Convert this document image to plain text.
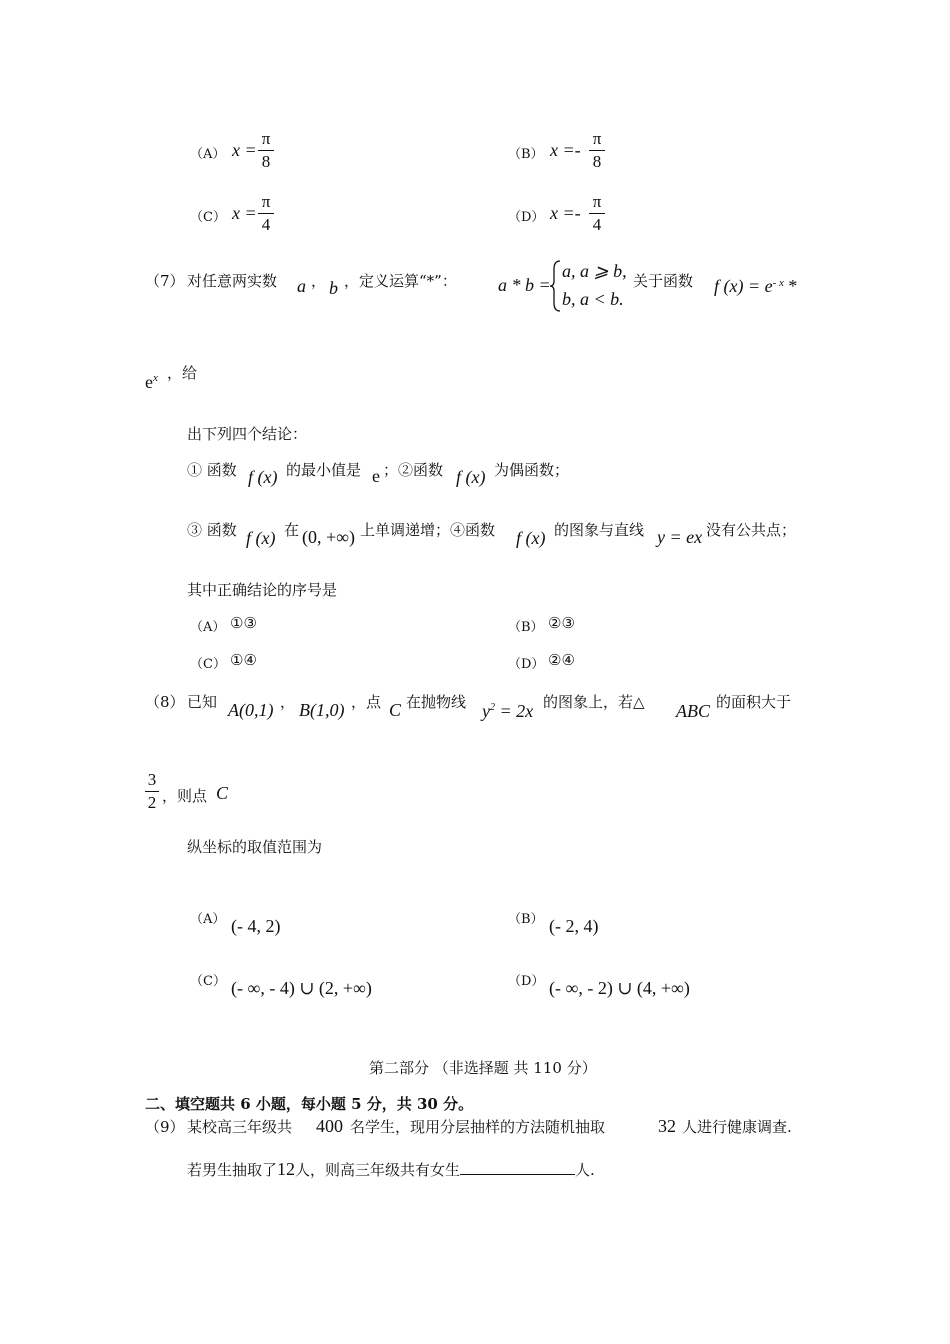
（A） x =
π
8	（B） x =-
π
8
（C） x =
π
4	（D） x =-
π
4
（7） 对任意两实数 a ， b ，定义运算“*”： a * b =
a, a ⩾ b,
b, a < b.
关于函数 f $(x) = e^{- x}$ *
$e^x$ ，给
出下列四个结论：
① 函数 f (x) 的最小值是 e ；②函数 f (x) 为偶函数；
③ 函数 f (x) 在 (0, +∞) 上单调递增；④函数 f (x) 的图象与直线 y = ex 没有公共点；
其中正确结论的序号是
（A） ①③	（B） ②③
（C） ①④	（D） ②④
（8） 已知 A(0,1) ， B(1,0) ，点 C 在抛物线 $y^2 = 2x$ 的图象上，若△ ABC 的面积大于
3
2 ，则点 C
纵坐标的取值范围为
（A） (- 4, 2)	（B） (- 2, 4)
（C） (- ∞, - 4) ∪ (2, +∞)	（D） (- ∞, - 2) ∪ (4, +∞)
第二部分 （非选择题 共 110 分）
二、填空题共 6 小题，每小题 5 分，共 30 分。
（9） 某校高三年级共 400 名学生，现用分层抽样的方法随机抽取	32 人进行健康调查.
若男生抽取了12人，则高三年级共有女生	人.
